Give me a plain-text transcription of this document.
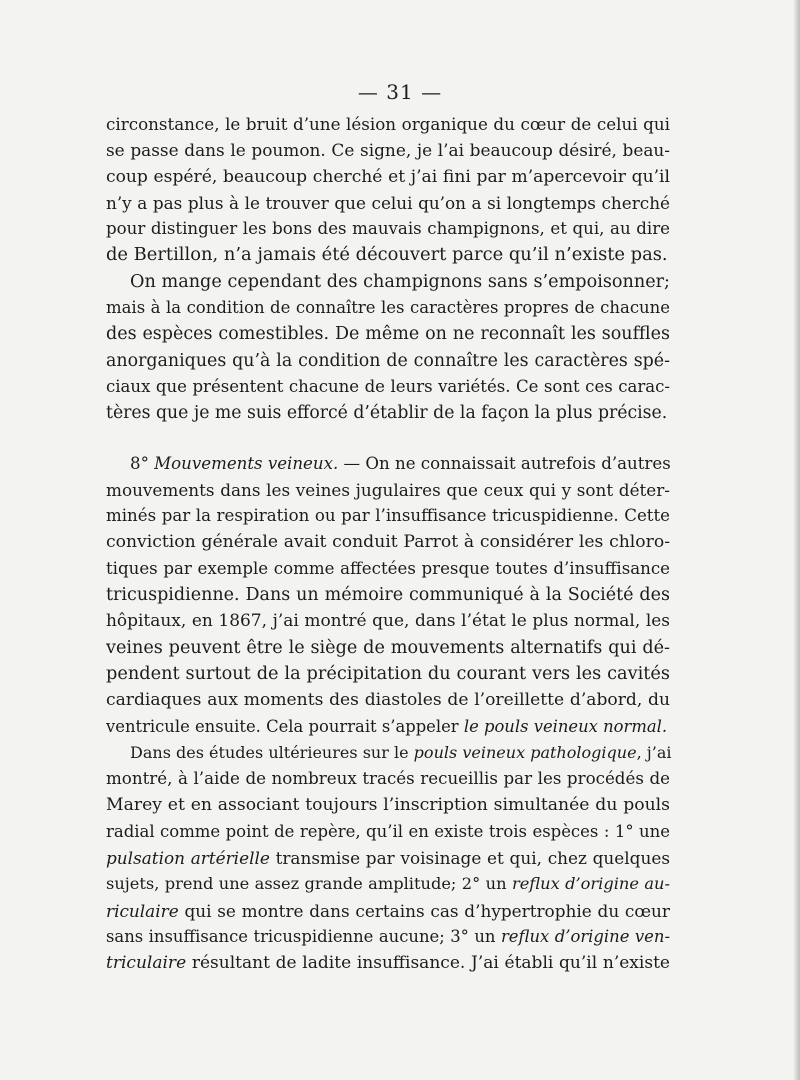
— 31 —
circonstance, le bruit d’une lésion organique du cœur de celui qui
se passe dans le poumon. Ce signe, je l’ai beaucoup désiré, beau-
coup espéré, beaucoup cherché et j’ai fini par m’apercevoir qu’il
n’y a pas plus à le trouver que celui qu’on a si longtemps cherché
pour distinguer les bons des mauvais champignons, et qui, au dire
de Bertillon, n’a jamais été découvert parce qu’il n’existe pas.
On mange cependant des champignons sans s’empoisonner;
mais à la condition de connaître les caractères propres de chacune
des espèces comestibles. De même on ne reconnaît les souffles
anorganiques qu’à la condition de connaître les caractères spé-
ciaux que présentent chacune de leurs variétés. Ce sont ces carac-
tères que je me suis efforcé d’établir de la façon la plus précise.
8° Mouvements veineux. — On ne connaissait autrefois d’autres
mouvements dans les veines jugulaires que ceux qui y sont déter-
minés par la respiration ou par l’insuffisance tricuspidienne. Cette
conviction générale avait conduit Parrot à considérer les chloro-
tiques par exemple comme affectées presque toutes d’insuffisance
tricuspidienne. Dans un mémoire communiqué à la Société des
hôpitaux, en 1867, j’ai montré que, dans l’état le plus normal, les
veines peuvent être le siège de mouvements alternatifs qui dé-
pendent surtout de la précipitation du courant vers les cavités
cardiaques aux moments des diastoles de l’oreillette d’abord, du
ventricule ensuite. Cela pourrait s’appeler le pouls veineux normal.
Dans des études ultérieures sur le pouls veineux pathologique, j’ai
montré, à l’aide de nombreux tracés recueillis par les procédés de
Marey et en associant toujours l’inscription simultanée du pouls
radial comme point de repère, qu’il en existe trois espèces : 1° une
pulsation artérielle transmise par voisinage et qui, chez quelques
sujets, prend une assez grande amplitude; 2° un reflux d’origine au-
riculaire qui se montre dans certains cas d’hypertrophie du cœur
sans insuffisance tricuspidienne aucune; 3° un reflux d’origine ven-
triculaire résultant de ladite insuffisance. J’ai établi qu’il n’existe
